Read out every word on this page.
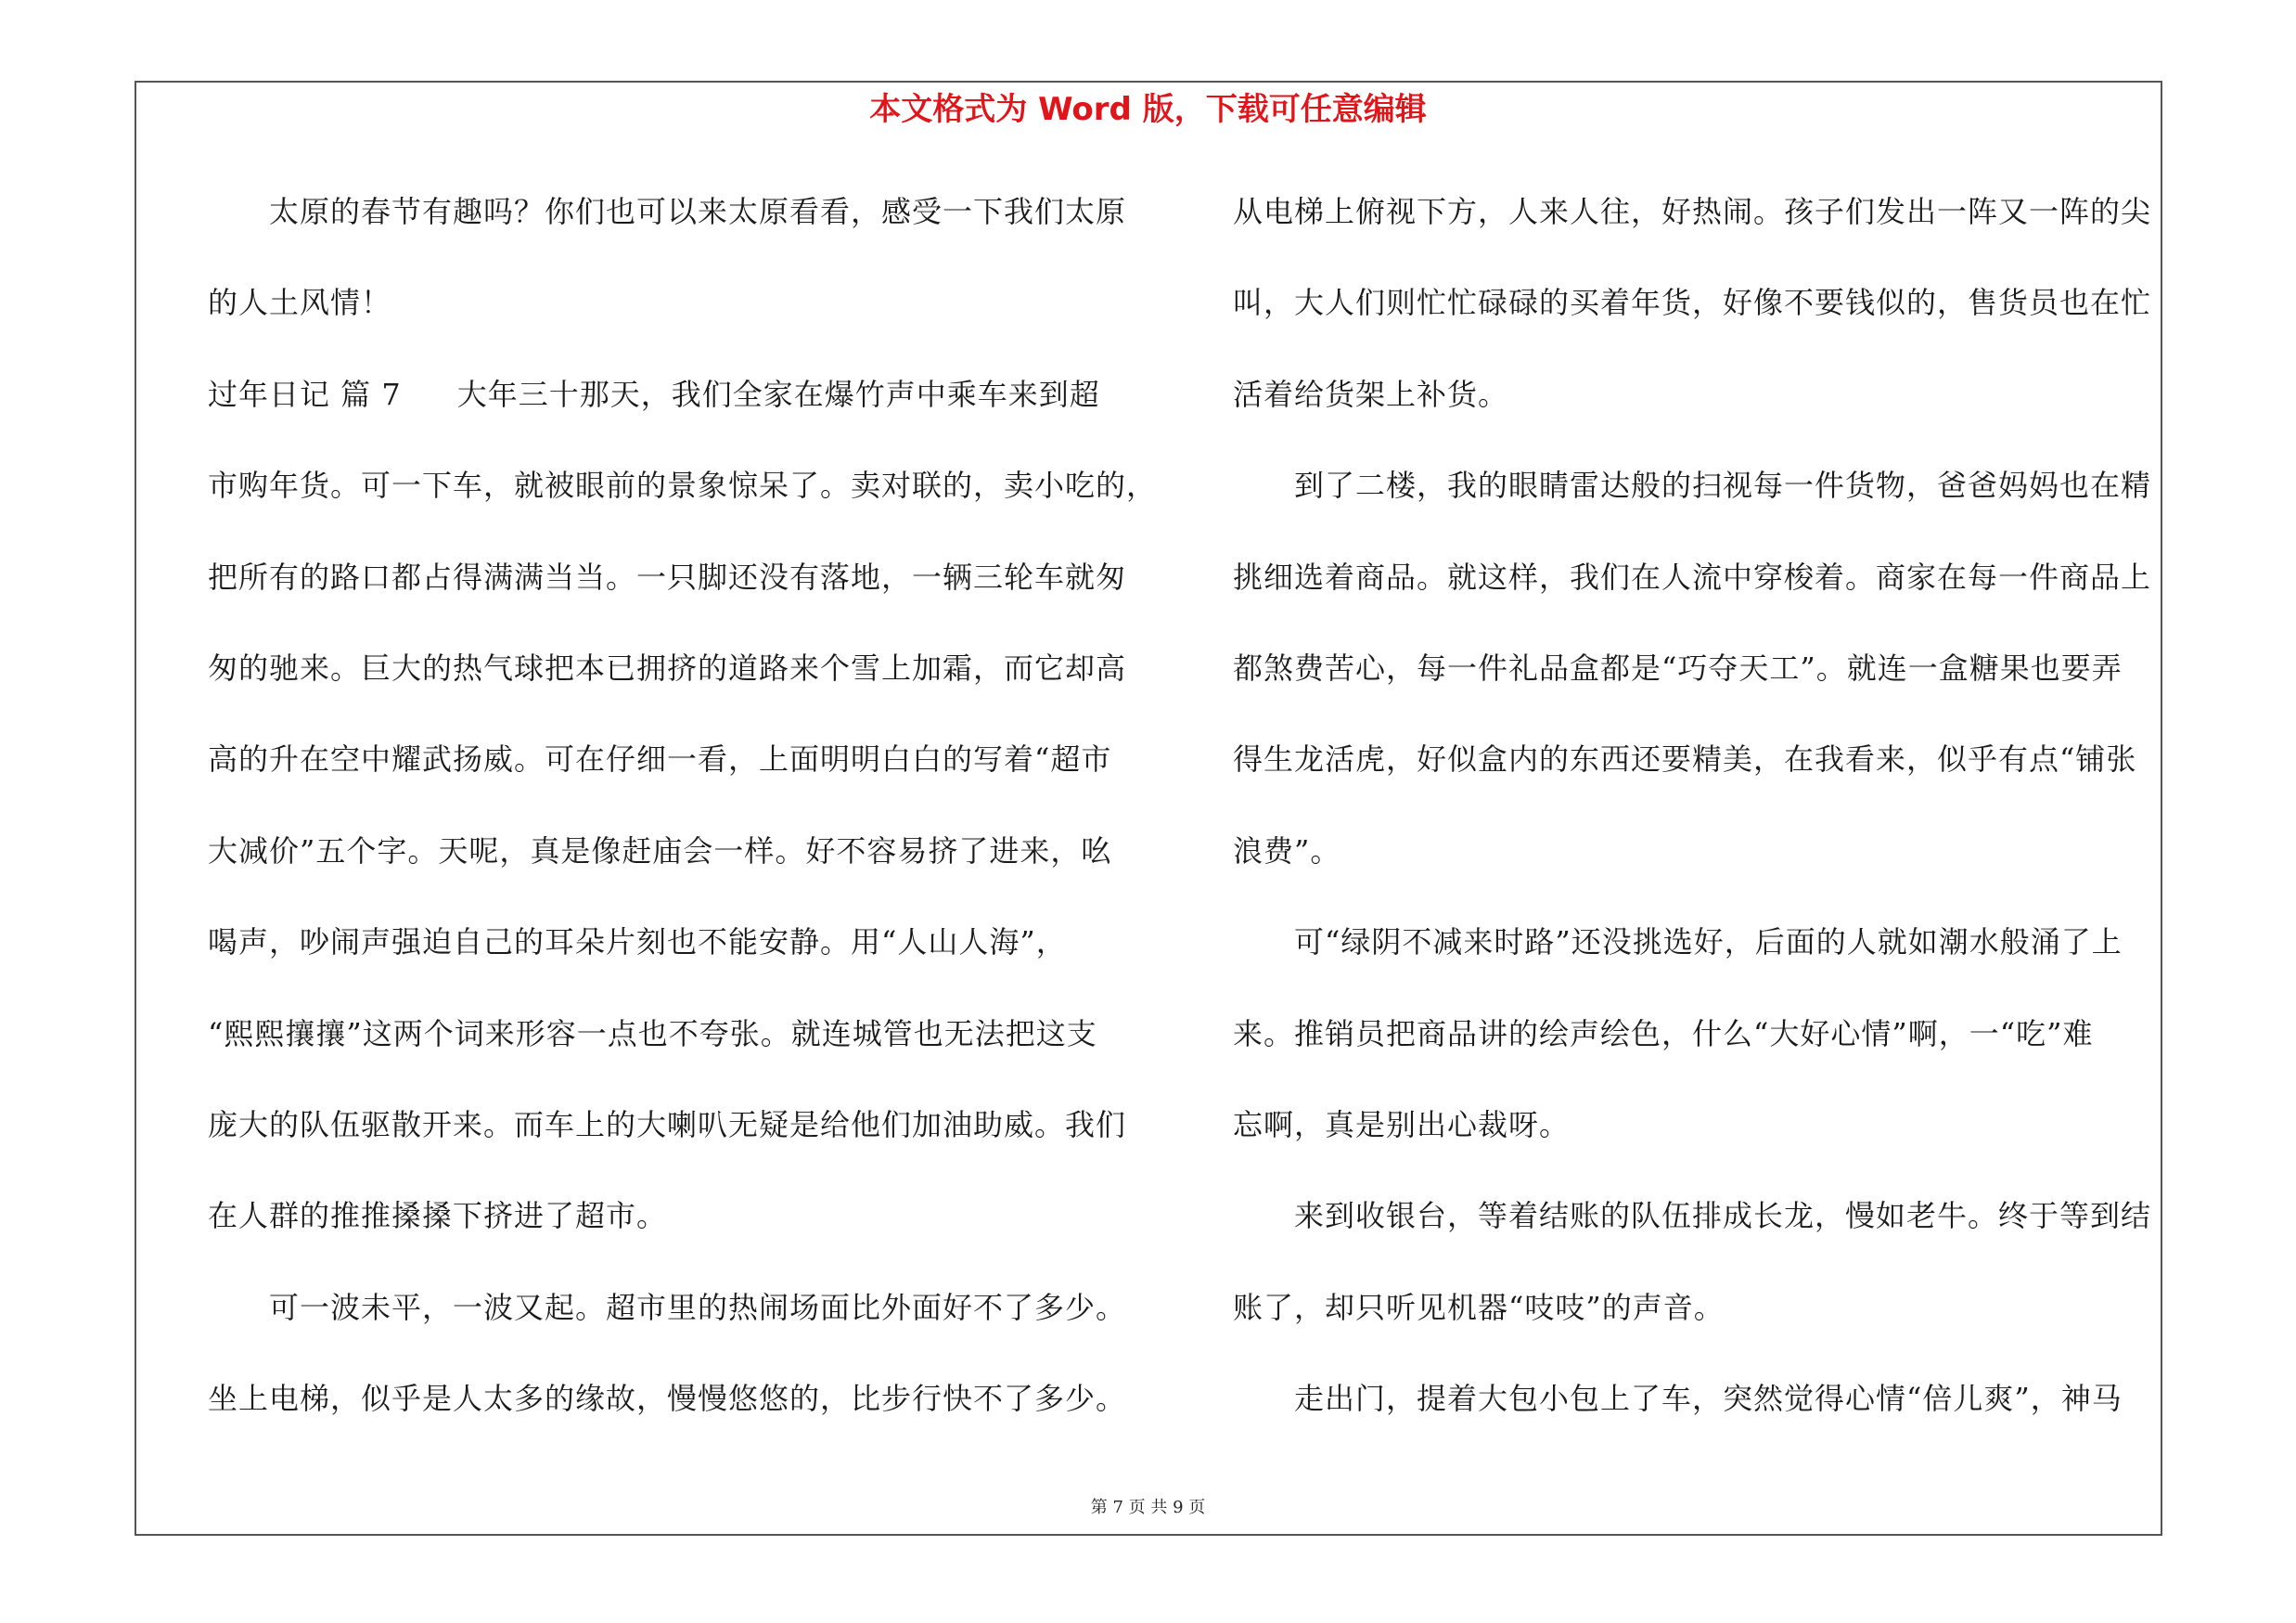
本文格式为 Word 版，下载可任意编辑
太原的春节有趣吗？你们也可以来太原看看，感受一下我们太原
的人土风情！
过年日记 篇 7 大年三十那天，我们全家在爆竹声中乘车来到超
市购年货。可一下车，就被眼前的景象惊呆了。卖对联的，卖小吃的，
把所有的路口都占得满满当当。一只脚还没有落地，一辆三轮车就匆
匆的驰来。巨大的热气球把本已拥挤的道路来个雪上加霜，而它却高
高的升在空中耀武扬威。可在仔细一看，上面明明白白的写着“超市
大减价”五个字。天呢，真是像赶庙会一样。好不容易挤了进来，吆
喝声，吵闹声强迫自己的耳朵片刻也不能安静。用“人山人海”，
“熙熙攘攘”这两个词来形容一点也不夸张。就连城管也无法把这支
庞大的队伍驱散开来。而车上的大喇叭无疑是给他们加油助威。我们
在人群的推推搡搡下挤进了超市。
可一波未平，一波又起。超市里的热闹场面比外面好不了多少。
坐上电梯，似乎是人太多的缘故，慢慢悠悠的，比步行快不了多少。
从电梯上俯视下方，人来人往，好热闹。孩子们发出一阵又一阵的尖
叫，大人们则忙忙碌碌的买着年货，好像不要钱似的，售货员也在忙
活着给货架上补货。
到了二楼，我的眼睛雷达般的扫视每一件货物，爸爸妈妈也在精
挑细选着商品。就这样，我们在人流中穿梭着。商家在每一件商品上
都煞费苦心，每一件礼品盒都是“巧夺天工”。就连一盒糖果也要弄
得生龙活虎，好似盒内的东西还要精美，在我看来，似乎有点“铺张
浪费”。
可“绿阴不减来时路”还没挑选好，后面的人就如潮水般涌了上
来。推销员把商品讲的绘声绘色，什么“大好心情”啊，一“吃”难
忘啊，真是别出心裁呀。
来到收银台，等着结账的队伍排成长龙，慢如老牛。终于等到结
账了，却只听见机器“吱吱”的声音。
走出门，提着大包小包上了车，突然觉得心情“倍儿爽”，神马
第 7 页 共 9 页
